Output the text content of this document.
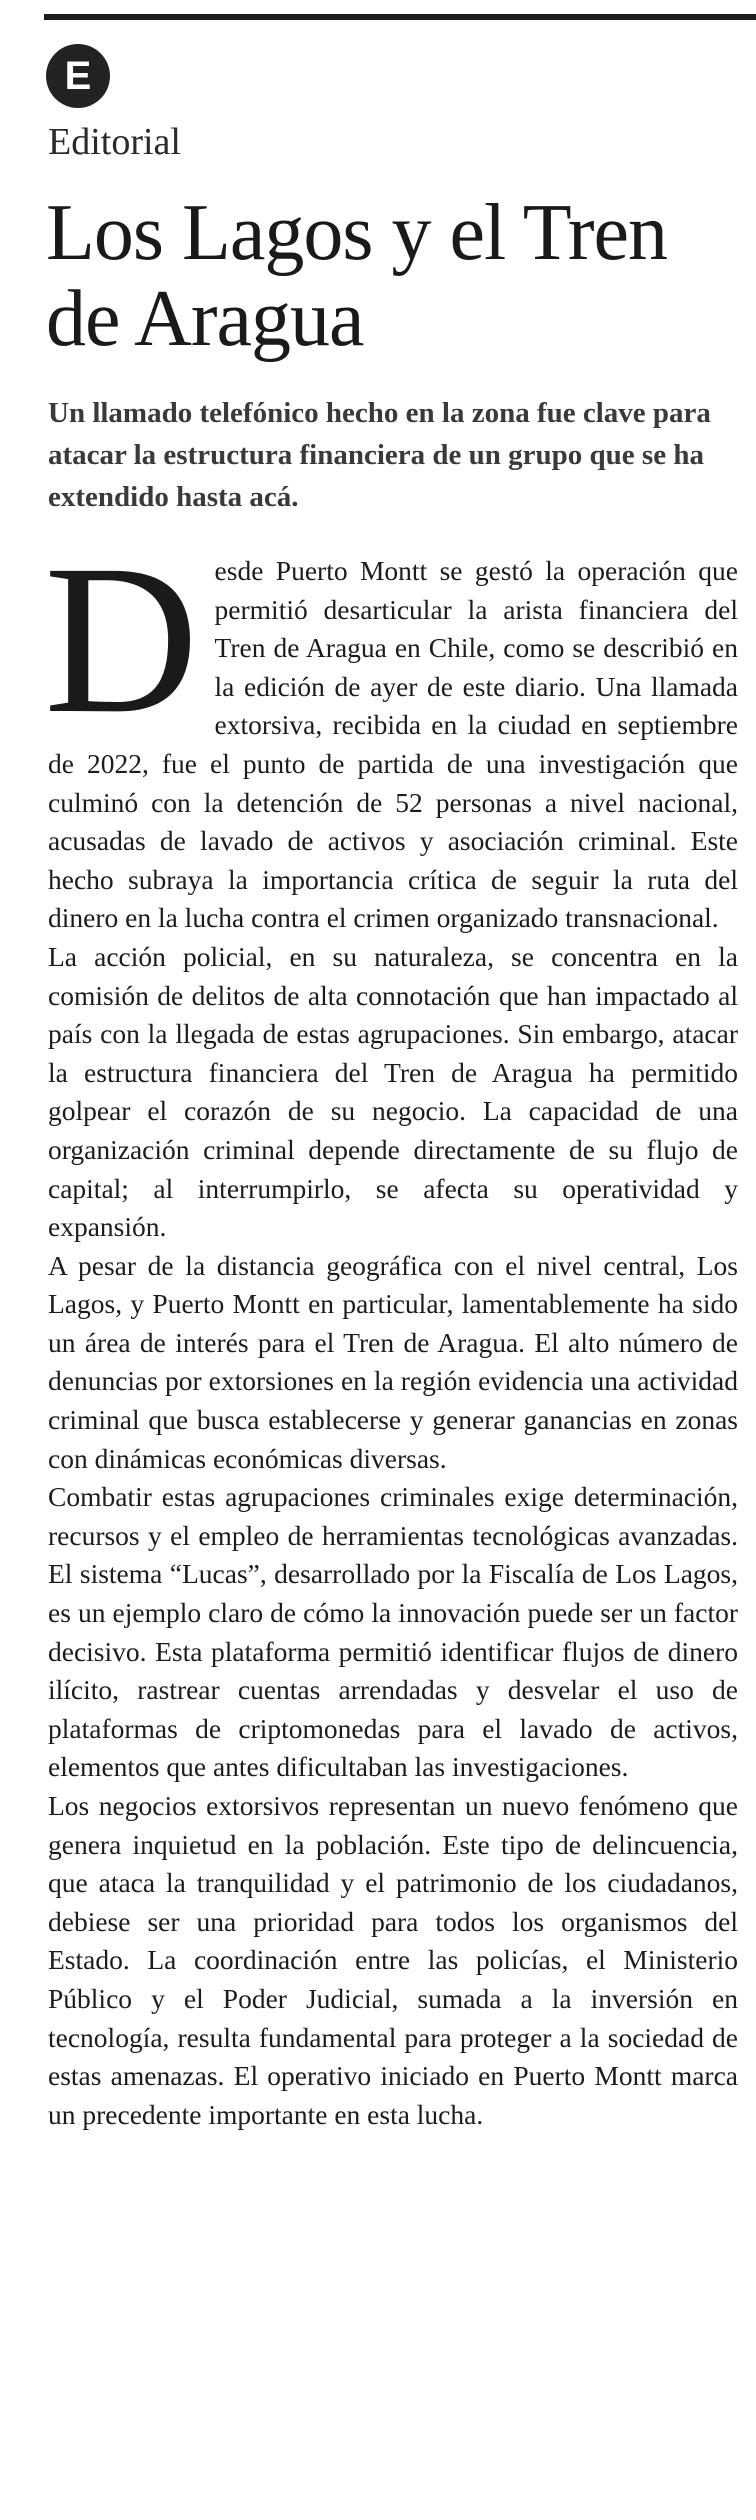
E
Editorial
Los Lagos y el Tren de Aragua

Un llamado telefónico hecho en la zona fue clave para atacar la estructura financiera de un grupo que se ha extendido hasta acá.

Desde Puerto Montt se gestó la operación que permitió desarticular la arista financiera del Tren de Aragua en Chile, como se describió en la edición de ayer de este diario. Una llamada extorsiva, recibida en la ciudad en septiembre de 2022, fue el punto de partida de una investigación que culminó con la detención de 52 personas a nivel nacional, acusadas de lavado de activos y asociación criminal. Este hecho subraya la importancia crítica de seguir la ruta del dinero en la lucha contra el crimen organizado transnacional.

La acción policial, en su naturaleza, se concentra en la comisión de delitos de alta connotación que han impactado al país con la llegada de estas agrupaciones. Sin embargo, atacar la estructura financiera del Tren de Aragua ha permitido golpear el corazón de su negocio. La capacidad de una organización criminal depende directamente de su flujo de capital; al interrumpirlo, se afecta su operatividad y expansión.

A pesar de la distancia geográfica con el nivel central, Los Lagos, y Puerto Montt en particular, lamentablemente ha sido un área de interés para el Tren de Aragua. El alto número de denuncias por extorsiones en la región evidencia una actividad criminal que busca establecerse y generar ganancias en zonas con dinámicas económicas diversas.

Combatir estas agrupaciones criminales exige determinación, recursos y el empleo de herramientas tecnológicas avanzadas. El sistema “Lucas”, desarrollado por la Fiscalía de Los Lagos, es un ejemplo claro de cómo la innovación puede ser un factor decisivo. Esta plataforma permitió identificar flujos de dinero ilícito, rastrear cuentas arrendadas y desvelar el uso de plataformas de criptomonedas para el lavado de activos, elementos que antes dificultaban las investigaciones.

Los negocios extorsivos representan un nuevo fenómeno que genera inquietud en la población. Este tipo de delincuencia, que ataca la tranquilidad y el patrimonio de los ciudadanos, debiese ser una prioridad para todos los organismos del Estado. La coordinación entre las policías, el Ministerio Público y el Poder Judicial, sumada a la inversión en tecnología, resulta fundamental para proteger a la sociedad de estas amenazas. El operativo iniciado en Puerto Montt marca un precedente importante en esta lucha.
